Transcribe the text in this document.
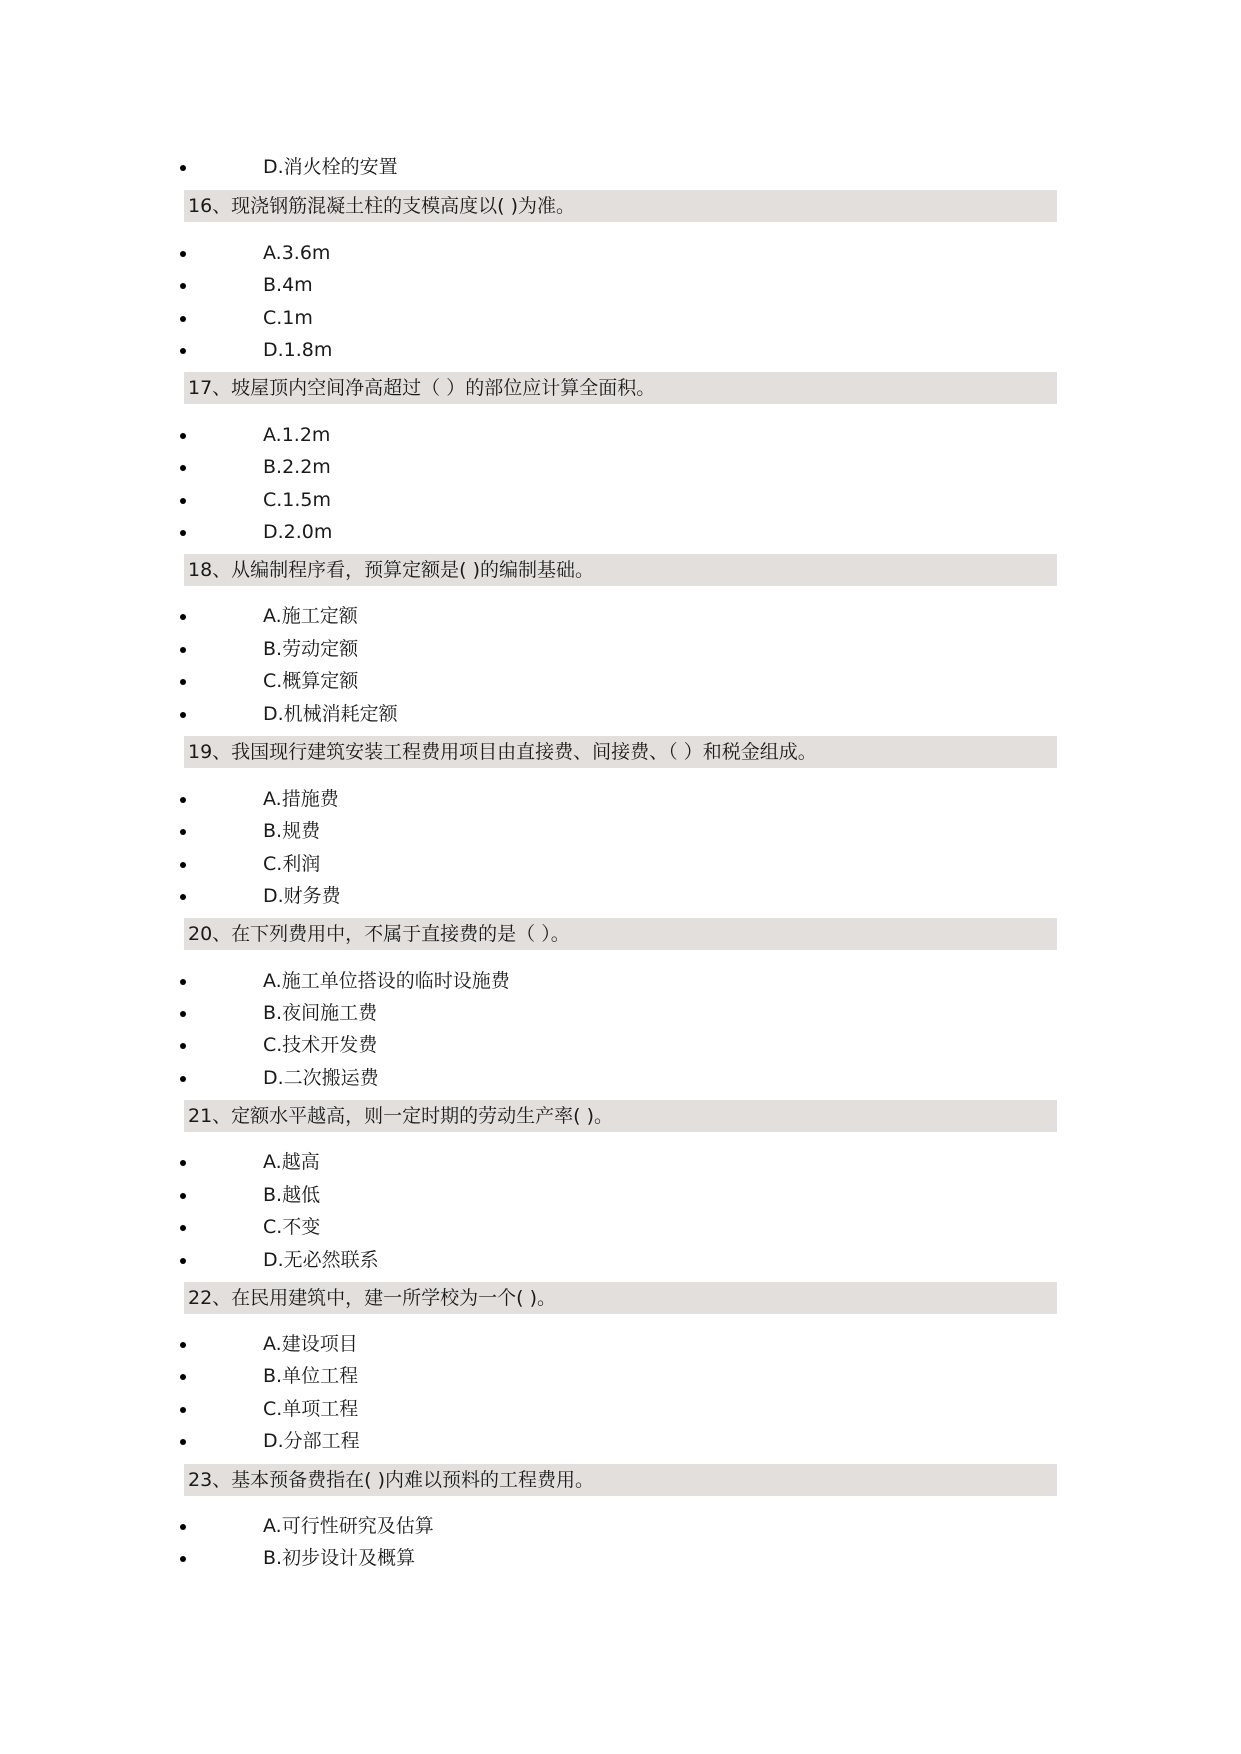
D.消火栓的安置
16、现浇钢筋混凝土柱的支模高度以( )为准。
A.3.6m
B.4m
C.1m
D.1.8m
17、坡屋顶内空间净高超过（ ）的部位应计算全面积。
A.1.2m
B.2.2m
C.1.5m
D.2.0m
18、从编制程序看，预算定额是( )的编制基础。
A.施工定额
B.劳动定额
C.概算定额
D.机械消耗定额
19、我国现行建筑安装工程费用项目由直接费、间接费、（ ）和税金组成。
A.措施费
B.规费
C.利润
D.财务费
20、在下列费用中，不属于直接费的是（ ）。
A.施工单位搭设的临时设施费
B.夜间施工费
C.技术开发费
D.二次搬运费
21、定额水平越高，则一定时期的劳动生产率( )。
A.越高
B.越低
C.不变
D.无必然联系
22、在民用建筑中，建一所学校为一个( )。
A.建设项目
B.单位工程
C.单项工程
D.分部工程
23、基本预备费指在( )内难以预料的工程费用。
A.可行性研究及估算
B.初步设计及概算
